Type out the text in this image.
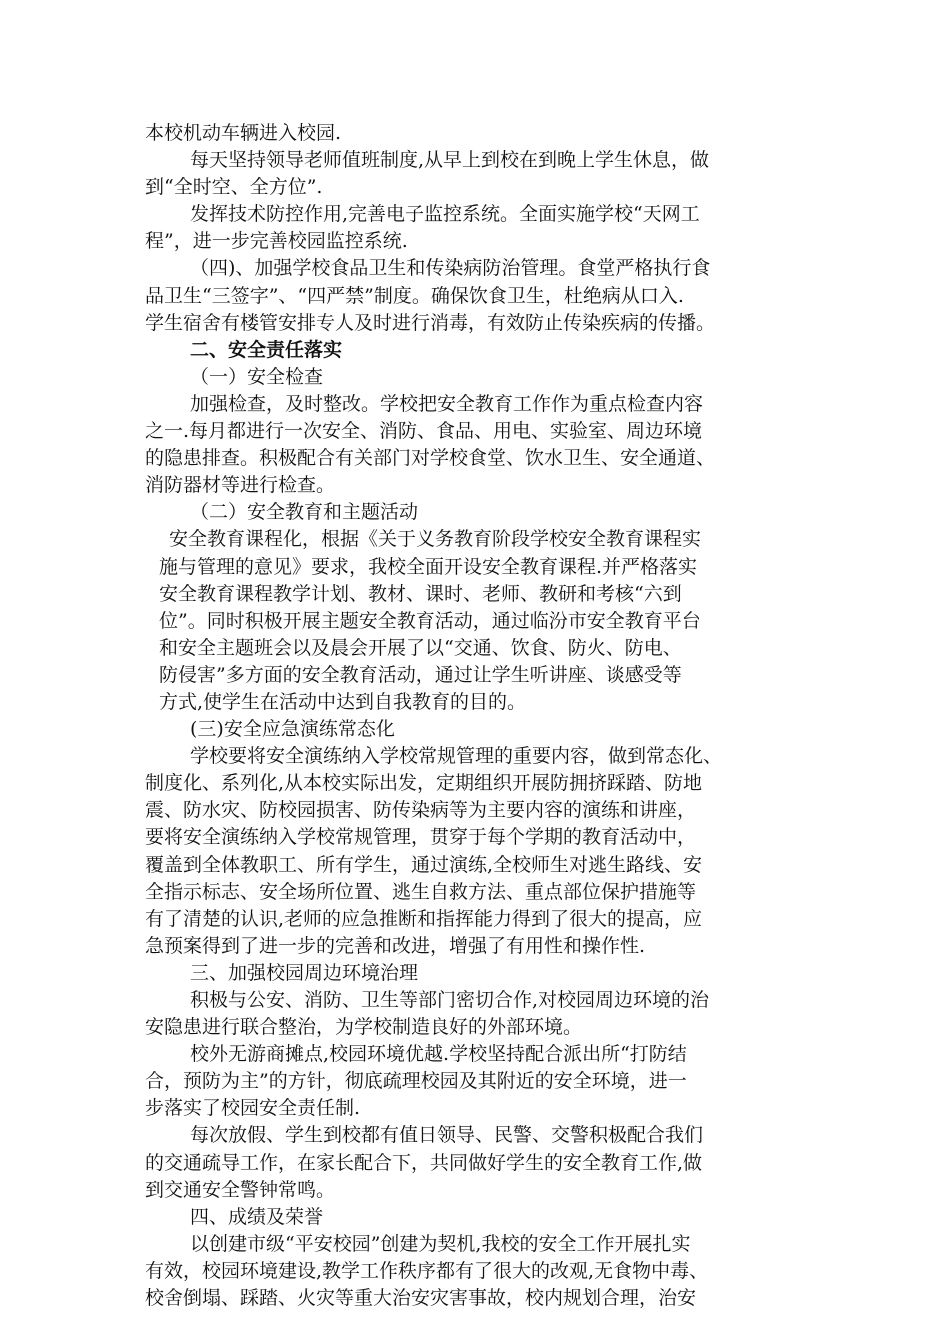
本校机动车辆进入校园.
每天坚持领导老师值班制度,从早上到校在到晚上学生休息，做
到“全时空、全方位”.
发挥技术防控作用,完善电子监控系统。全面实施学校“天网工
程”，进一步完善校园监控系统.
（四)、加强学校食品卫生和传染病防治管理。食堂严格执行食
品卫生“三签字”、“四严禁”制度。确保饮食卫生，杜绝病从口入.
学生宿舍有楼管安排专人及时进行消毒，有效防止传染疾病的传播。
二、安全责任落实
（一）安全检查
加强检查，及时整改。学校把安全教育工作作为重点检查内容
之一.每月都进行一次安全、消防、食品、用电、实验室、周边环境
的隐患排查。积极配合有关部门对学校食堂、饮水卫生、安全通道、
消防器材等进行检查。
（二）安全教育和主题活动
安全教育课程化，根据《关于义务教育阶段学校安全教育课程实
施与管理的意见》要求，我校全面开设安全教育课程.并严格落实
安全教育课程教学计划、教材、课时、老师、教研和考核“六到
位”。同时积极开展主题安全教育活动，通过临汾市安全教育平台
和安全主题班会以及晨会开展了以“交通、饮食、防火、防电、
防侵害”多方面的安全教育活动，通过让学生听讲座、谈感受等
方式,使学生在活动中达到自我教育的目的。
(三)安全应急演练常态化
学校要将安全演练纳入学校常规管理的重要内容，做到常态化、
制度化、系列化,从本校实际出发，定期组织开展防拥挤踩踏、防地
震、防水灾、防校园损害、防传染病等为主要内容的演练和讲座，
要将安全演练纳入学校常规管理，贯穿于每个学期的教育活动中，
覆盖到全体教职工、所有学生，通过演练,全校师生对逃生路线、安
全指示标志、安全场所位置、逃生自救方法、重点部位保护措施等
有了清楚的认识,老师的应急推断和指挥能力得到了很大的提高，应
急预案得到了进一步的完善和改进，增强了有用性和操作性.
三、加强校园周边环境治理
积极与公安、消防、卫生等部门密切合作,对校园周边环境的治
安隐患进行联合整治，为学校制造良好的外部环境。
校外无游商摊点,校园环境优越.学校坚持配合派出所“打防结
合，预防为主”的方针，彻底疏理校园及其附近的安全环境，进一
步落实了校园安全责任制.
每次放假、学生到校都有值日领导、民警、交警积极配合我们
的交通疏导工作，在家长配合下，共同做好学生的安全教育工作,做
到交通安全警钟常鸣。
四、成绩及荣誉
以创建市级“平安校园”创建为契机,我校的安全工作开展扎实
有效，校园环境建设,教学工作秩序都有了很大的改观,无食物中毒、
校舍倒塌、踩踏、火灾等重大治安灾害事故，校内规划合理，治安
